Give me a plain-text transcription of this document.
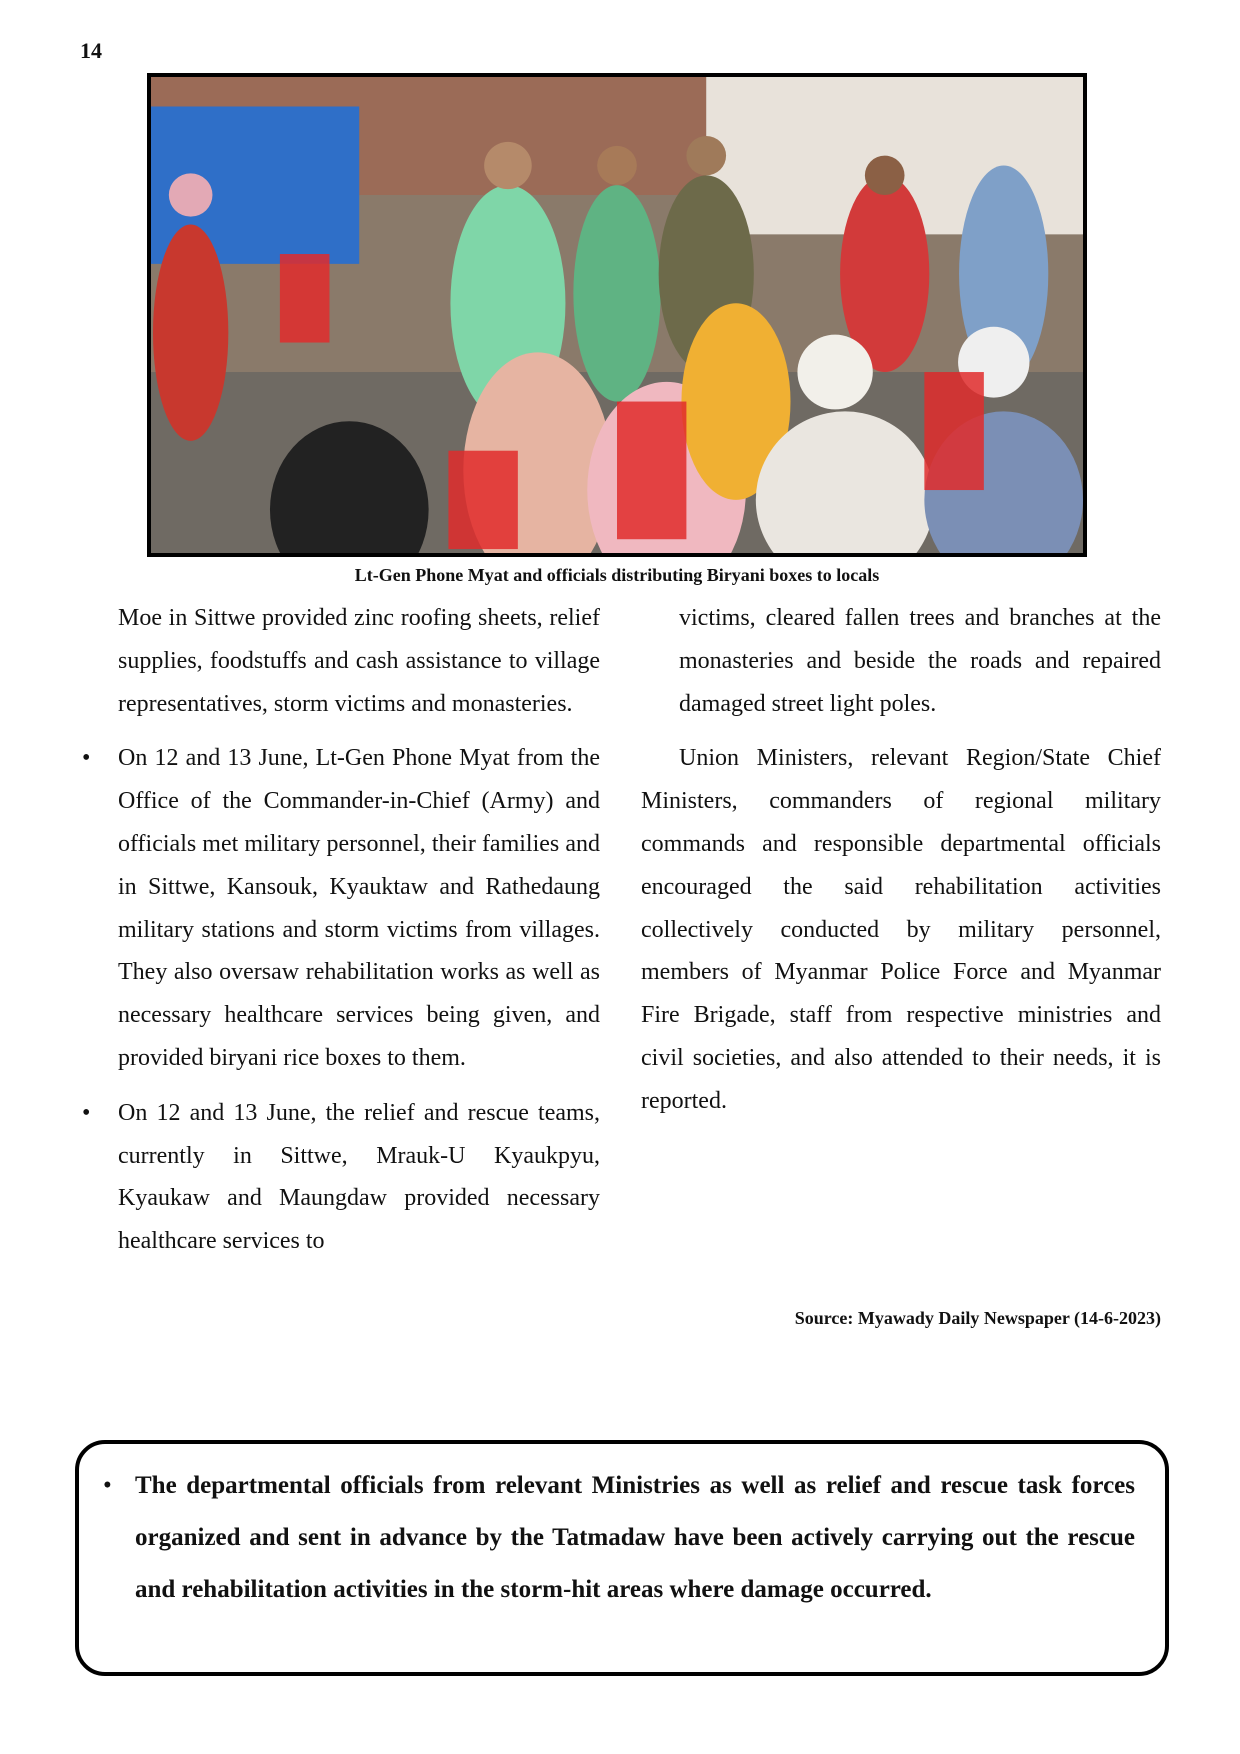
14
Lt-Gen Phone Myat and officials distributing Biryani boxes to locals

Moe in Sittwe provided zinc roofing sheets, relief supplies, foodstuffs and cash assistance to village representatives, storm victims and monasteries.

• On 12 and 13 June, Lt-Gen Phone Myat from the Office of the Commander-in-Chief (Army) and officials met military personnel, their families and in Sittwe, Kansouk, Kyauktaw and Rathedaung military stations and storm victims from villages. They also oversaw rehabilitation works as well as necessary healthcare services being given, and provided biryani rice boxes to them.

• On 12 and 13 June, the relief and rescue teams, currently in Sittwe, Mrauk-U Kyaukpyu, Kyaukaw and Maungdaw provided necessary healthcare services to

victims, cleared fallen trees and branches at the monasteries and beside the roads and repaired damaged street light poles.

Union Ministers, relevant Region/State Chief Ministers, commanders of regional military commands and responsible departmental officials encouraged the said rehabilitation activities collectively conducted by military personnel, members of Myanmar Police Force and Myanmar Fire Brigade, staff from respective ministries and civil societies, and also attended to their needs, it is reported.

Source: Myawady Daily Newspaper (14-6-2023)

• The departmental officials from relevant Ministries as well as relief and rescue task forces organized and sent in advance by the Tatmadaw have been actively carrying out the rescue and rehabilitation activities in the storm-hit areas where damage occurred.
